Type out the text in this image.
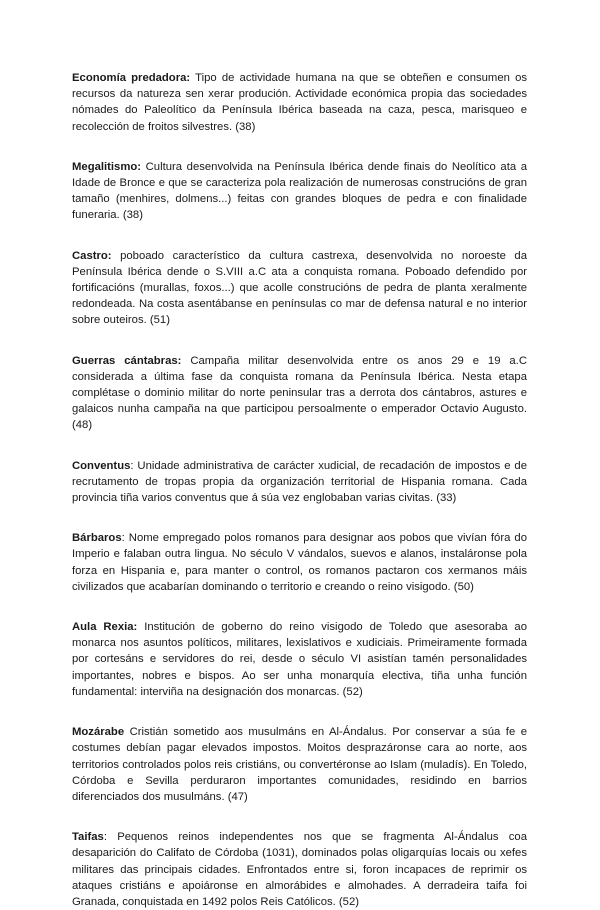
Economía predadora: Tipo de actividade humana na que se obteñen e consumen os recursos da natureza sen xerar produción. Actividade económica propia das sociedades nómades do Paleolítico da Península Ibérica baseada na caza, pesca, marisqueo e recolección de froitos silvestres. (38)

Megalitismo: Cultura desenvolvida na Península Ibérica dende finais do Neolítico ata a Idade de Bronce e que se caracteriza pola realización de numerosas construcións de gran tamaño (menhires, dolmens...) feitas con grandes bloques de pedra e con finalidade funeraria. (38)

Castro: poboado característico da cultura castrexa, desenvolvida no noroeste da Península Ibérica dende o S.VIII a.C ata a conquista romana. Poboado defendido por fortificacións (murallas, foxos...) que acolle construcións de pedra de planta xeralmente redondeada. Na costa asentábanse en penínsulas co mar de defensa natural e no interior sobre outeiros. (51)

Guerras cántabras: Campaña militar desenvolvida entre os anos 29 e 19 a.C considerada a última fase da conquista romana da Península Ibérica. Nesta etapa complétase o dominio militar do norte peninsular tras a derrota dos cántabros, astures e galaicos nunha campaña na que participou persoalmente o emperador Octavio Augusto. (48)

Conventus: Unidade administrativa de carácter xudicial, de recadación de impostos e de recrutamento de tropas propia da organización territorial de Hispania romana. Cada provincia tiña varios conventus que á súa vez englobaban varias civitas. (33)

Bárbaros: Nome empregado polos romanos para designar aos pobos que vivían fóra do Imperio e falaban outra lingua. No século V vándalos, suevos e alanos, instaláronse pola forza en Hispania e, para manter o control, os romanos pactaron cos xermanos máis civilizados que acabarían dominando o territorio e creando o reino visigodo. (50)

Aula Rexia: Institución de goberno do reino visigodo de Toledo que asesoraba ao monarca nos asuntos políticos, militares, lexislativos e xudiciais. Primeiramente formada por cortesáns e servidores do rei, desde o século VI asistían tamén personalidades importantes, nobres e bispos. Ao ser unha monarquía electiva, tiña unha función fundamental: interviña na designación dos monarcas. (52)

Mozárabe Cristián sometido aos musulmáns en Al-Ándalus. Por conservar a súa fe e costumes debían pagar elevados impostos. Moitos desprazáronse cara ao norte, aos territorios controlados polos reis cristiáns, ou convertéronse ao Islam (muladís). En Toledo, Córdoba e Sevilla perduraron importantes comunidades, residindo en barrios diferenciados dos musulmáns. (47)

Taifas: Pequenos reinos independentes nos que se fragmenta Al-Ándalus coa desaparición do Califato de Córdoba (1031), dominados polas oligarquías locais ou xefes militares das principais cidades. Enfrontados entre si, foron incapaces de reprimir os ataques cristiáns e apoiáronse en almorábides e almohades. A derradeira taifa foi Granada, conquistada en 1492 polos Reis Católicos. (52)
